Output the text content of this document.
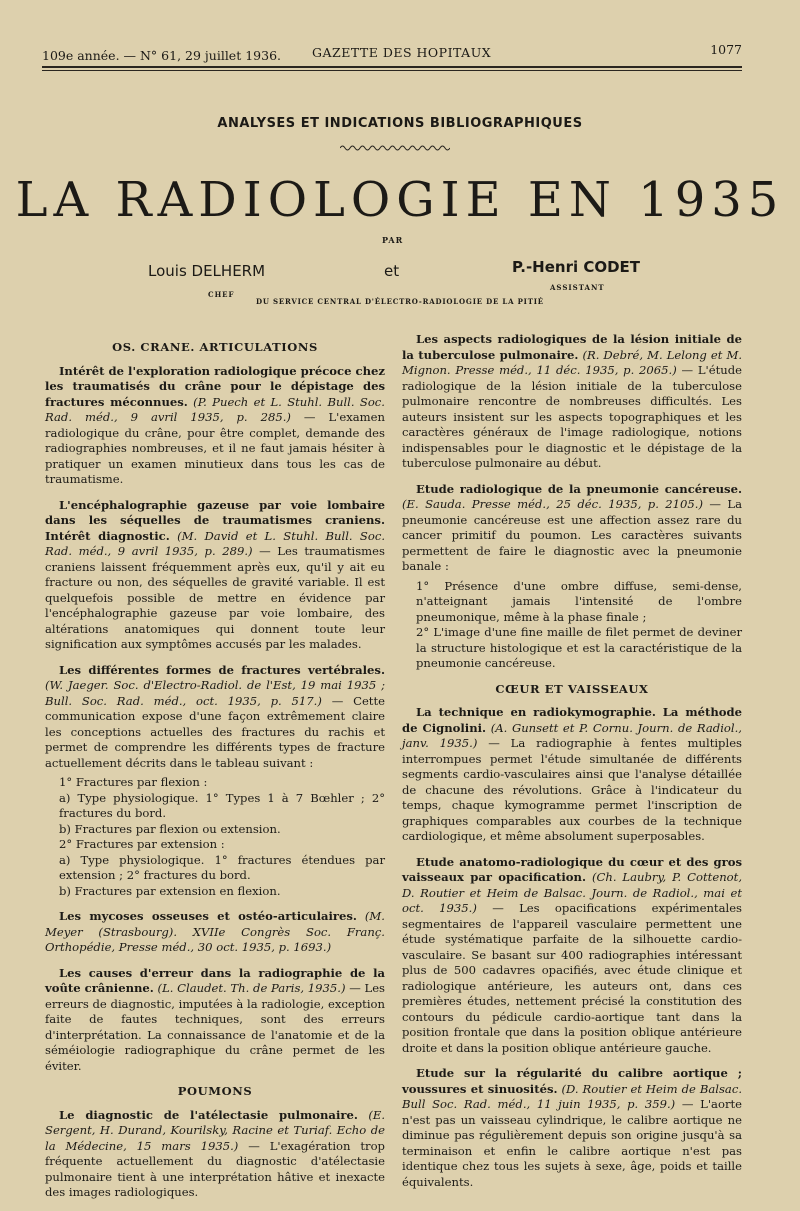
109e année. — N° 61, 29 juillet 1936. GAZETTE DES HOPITAUX	1077
ANALYSES ET INDICATIONS BIBLIOGRAPHIQUES
LA RADIOLOGIE EN 1935
PAR
Louis DELHERM	et	P.-Henri CODET
CHEF
ASSISTANT
DU SERVICE CENTRAL D'ÉLECTRO-RADIOLOGIE DE LA PITIÉ
OS. CRANE. ARTICULATIONS

Intérêt de l'exploration radiologique précoce chez les traumatisés du crâne pour le dépistage des fractures méconnues. (P. Puech et L. Stuhl. Bull. Soc. Rad. méd., 9 avril 1935, p. 285.) — L'examen radiologique du crâne, pour être complet, demande des radiographies nombreuses, et il ne faut jamais hésiter à pratiquer un examen minutieux dans tous les cas de traumatisme.

L'encéphalographie gazeuse par voie lombaire dans les séquelles de traumatismes craniens. Intérêt diagnostic. (M. David et L. Stuhl. Bull. Soc. Rad. méd., 9 avril 1935, p. 289.) — Les traumatismes craniens laissent fréquemment après eux, qu'il y ait eu fracture ou non, des séquelles de gravité variable. Il est quelquefois possible de mettre en évidence par l'encéphalographie gazeuse par voie lombaire, des altérations anatomiques qui donnent toute leur signification aux symptômes accusés par les malades.

Les différentes formes de fractures vertébrales. (W. Jaeger. Soc. d'Electro-Radiol. de l'Est, 19 mai 1935 ; Bull. Soc. Rad. méd., oct. 1935, p. 517.) — Cette communication expose d'une façon extrêmement claire les conceptions actuelles des fractures du rachis et permet de comprendre les différents types de fracture actuellement décrits dans le tableau suivant :

1° Fractures par flexion :

a) Type physiologique. 1° Types 1 à 7 Bœhler ; 2° fractures du bord.

b) Fractures par flexion ou extension.

2° Fractures par extension :

a) Type physiologique. 1° fractures étendues par extension ; 2° fractures du bord.

b) Fractures par extension en flexion.

Les mycoses osseuses et ostéo-articulaires. (M. Meyer (Strasbourg). XVIIe Congrès Soc. Franç. Orthopédie, Presse méd., 30 oct. 1935, p. 1693.)

Les causes d'erreur dans la radiographie de la voûte crânienne. (L. Claudet. Th. de Paris, 1935.) — Les erreurs de diagnostic, imputées à la radiologie, exception faite de fautes techniques, sont des erreurs d'interprétation. La connaissance de l'anatomie et de la séméiologie radiographique du crâne permet de les éviter.

POUMONS

Le diagnostic de l'atélectasie pulmonaire. (E. Sergent, H. Durand, Kourilsky, Racine et Turiaf. Echo de la Médecine, 15 mars 1935.) — L'exagération trop fréquente actuellement du diagnostic d'atélectasie pulmonaire tient à une interprétation hâtive et inexacte des images radiologiques.

Les aspects radiologiques de la lésion initiale de la tuberculose pulmonaire. (R. Debré, M. Lelong et M. Mignon. Presse méd., 11 déc. 1935, p. 2065.) — L'étude radiologique de la lésion initiale de la tuberculose pulmonaire rencontre de nombreuses difficultés. Les auteurs insistent sur les aspects topographiques et les caractères généraux de l'image radiologique, notions indispensables pour le diagnostic et le dépistage de la tuberculose pulmonaire au début.

Etude radiologique de la pneumonie cancéreuse. (E. Sauda. Presse méd., 25 déc. 1935, p. 2105.) — La pneumonie cancéreuse est une affection assez rare du cancer primitif du poumon. Les caractères suivants permettent de faire le diagnostic avec la pneumonie banale :

1° Présence d'une ombre diffuse, semi-dense, n'atteignant jamais l'intensité de l'ombre pneumonique, même à la phase finale ;

2° L'image d'une fine maille de filet permet de deviner la structure histologique et est la caractéristique de la pneumonie cancéreuse.

CŒUR ET VAISSEAUX

La technique en radiokymographie. La méthode de Cignolini. (A. Gunsett et P. Cornu. Journ. de Radiol., janv. 1935.) — La radiographie à fentes multiples interrompues permet l'étude simultanée de différents segments cardio-vasculaires ainsi que l'analyse détaillée de chacune des révolutions. Grâce à l'indicateur du temps, chaque kymogramme permet l'inscription de graphiques comparables aux courbes de la technique cardiologique, et même absolument superposables.

Etude anatomo-radiologique du cœur et des gros vaisseaux par opacification. (Ch. Laubry, P. Cottenot, D. Routier et Heim de Balsac. Journ. de Radiol., mai et oct. 1935.) — Les opacifications expérimentales segmentaires de l'appareil vasculaire permettent une étude systématique parfaite de la silhouette cardio-vasculaire. Se basant sur 400 radiographies intéressant plus de 500 cadavres opacifiés, avec étude clinique et radiologique antérieure, les auteurs ont, dans ces premières études, nettement précisé la constitution des contours du pédicule cardio-aortique tant dans la position frontale que dans la position oblique antérieure droite et dans la position oblique antérieure gauche.

Etude sur la régularité du calibre aortique ; voussures et sinuosités. (D. Routier et Heim de Balsac. Bull Soc. Rad. méd., 11 juin 1935, p. 359.) — L'aorte n'est pas un vaisseau cylindrique, le calibre aortique ne diminue pas régulièrement depuis son origine jusqu'à sa terminaison et enfin le calibre aortique n'est pas identique chez tous les sujets à sexe, âge, poids et taille équivalents.
